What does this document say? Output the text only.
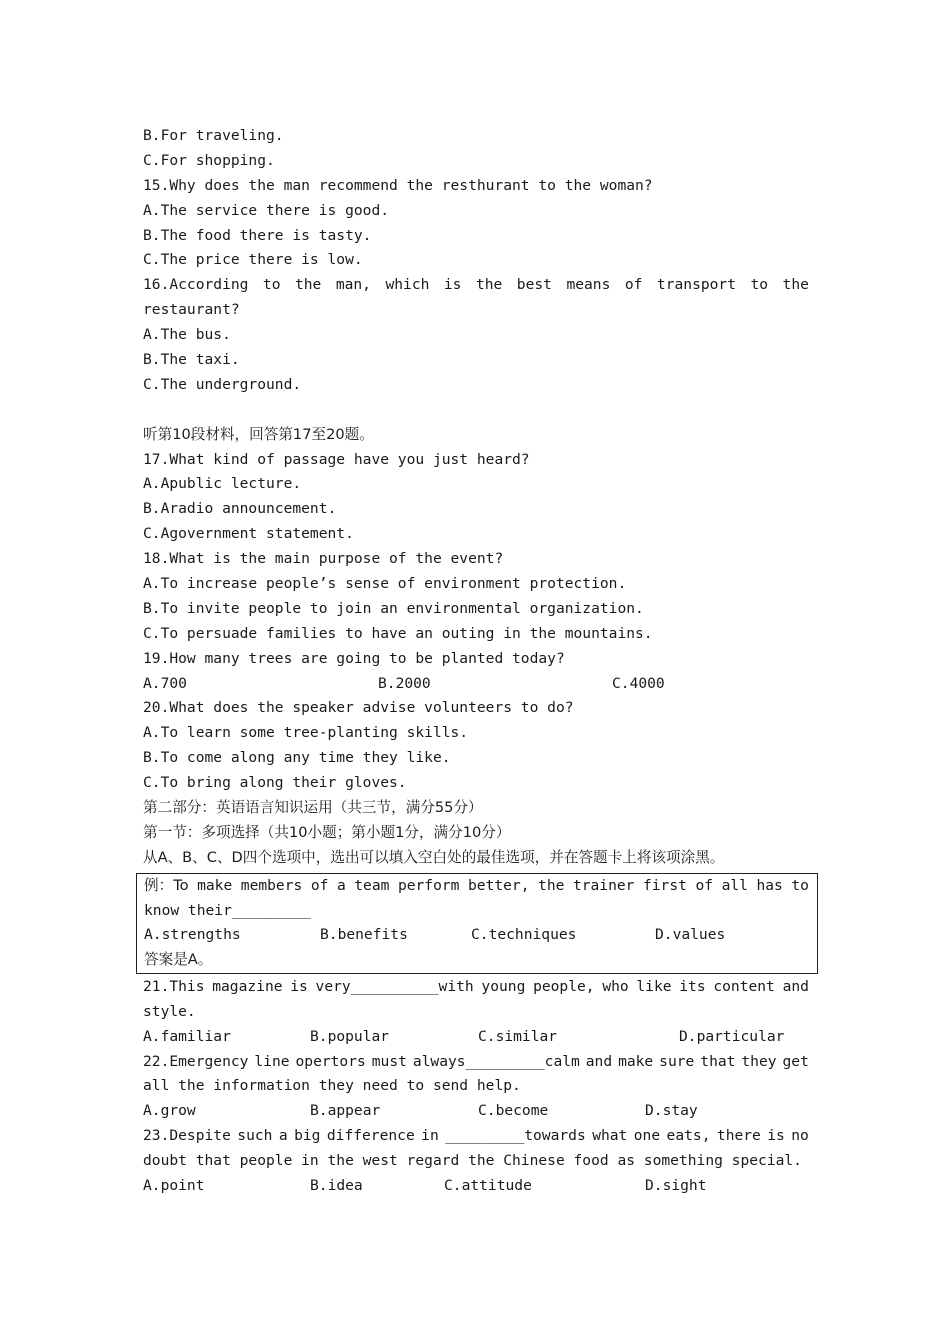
B.For traveling.
C.For shopping.
15.Why does the man recommend the resthurant to the woman?
A.The service there is good.
B.The food there is tasty.
C.The price there is low.
16.According to the man, which is the best means of transport to the
restaurant?
A.The bus.
B.The taxi.
C.The underground.
听第10段材料，回答第17至20题。
17.What kind of passage have you just heard?
A.Apublic lecture.
B.Aradio announcement.
C.Agovernment statement.
18.What is the main purpose of the event?
A.To increase people’s sense of environment protection.
B.To invite people to join an environmental organization.
C.To persuade families to have an outing in the mountains.
19.How many trees are going to be planted today?

A.700

	B.2000

	C.4000

20.What does the speaker advise volunteers to do?
A.To learn some tree-planting skills.
B.To come along any time they like.
C.To bring along their gloves.
第二部分：英语语言知识运用（共三节，满分55分）
第一节：多项选择（共10小题；第小题1分，满分10分）
从A、B、C、D四个选项中，选出可以填入空白处的最佳选项，并在答题卡上将该项涂黑。
例：To make members of a team perform better, the trainer first of all has to
know their_________

A.strengths

	B.benefits

	C.techniques

	D.values

答案是A。
21.This magazine is very__________with young people, who like its content and
style.

A.familiar

	B.popular

	C.similar

	D.particular

22.Emergency line opertors must always_________calm and make sure that they get
all the information they need to send help.

A.grow

	B.appear

	C.become

	D.stay

23.Despite such a big difference in _________towards what one eats, there is no
doubt that people in the west regard the Chinese food as something special.

A.point

	B.idea

	C.attitude

	D.sight
